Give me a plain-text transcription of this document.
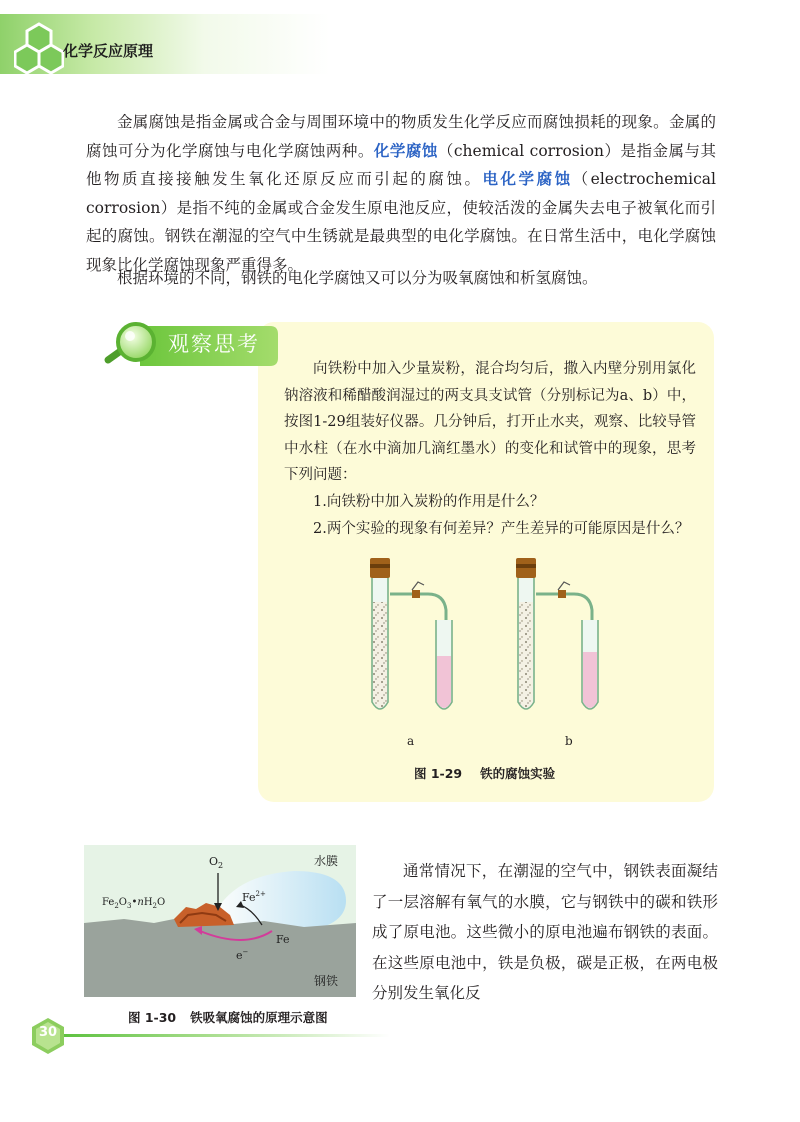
化学反应原理

金属腐蚀是指金属或合金与周围环境中的物质发生化学反应而腐蚀损耗的现象。金属的腐蚀可分为化学腐蚀与电化学腐蚀两种。化学腐蚀（chemical corrosion）是指金属与其他物质直接接触发生氧化还原反应而引起的腐蚀。电化学腐蚀（electrochemical corrosion）是指不纯的金属或合金发生原电池反应，使较活泼的金属失去电子被氧化而引起的腐蚀。钢铁在潮湿的空气中生锈就是最典型的电化学腐蚀。在日常生活中，电化学腐蚀现象比化学腐蚀现象严重得多。

根据环境的不同，钢铁的电化学腐蚀又可以分为吸氧腐蚀和析氢腐蚀。

观察思考

向铁粉中加入少量炭粉，混合均匀后，撒入内壁分别用氯化钠溶液和稀醋酸润湿过的两支具支试管（分别标记为a、b）中，按图1-29组装好仪器。几分钟后，打开止水夹，观察、比较导管中水柱（在水中滴加几滴红墨水）的变化和试管中的现象，思考下列问题：

1.向铁粉中加入炭粉的作用是什么？

2.两个实验的现象有何差异？产生差异的可能原因是什么？

a	b
图 1-29 铁的腐蚀实验
$O_2$	水膜
$Fe_2O_3•nH_2O$	$Fe^{2+}$
Fe
e−
钢铁
图 1-30 铁吸氧腐蚀的原理示意图

通常情况下，在潮湿的空气中，钢铁表面凝结了一层溶解有氧气的水膜，它与钢铁中的碳和铁形成了原电池。这些微小的原电池遍布钢铁的表面。在这些原电池中，铁是负极，碳是正极，在两电极分别发生氧化反

30
